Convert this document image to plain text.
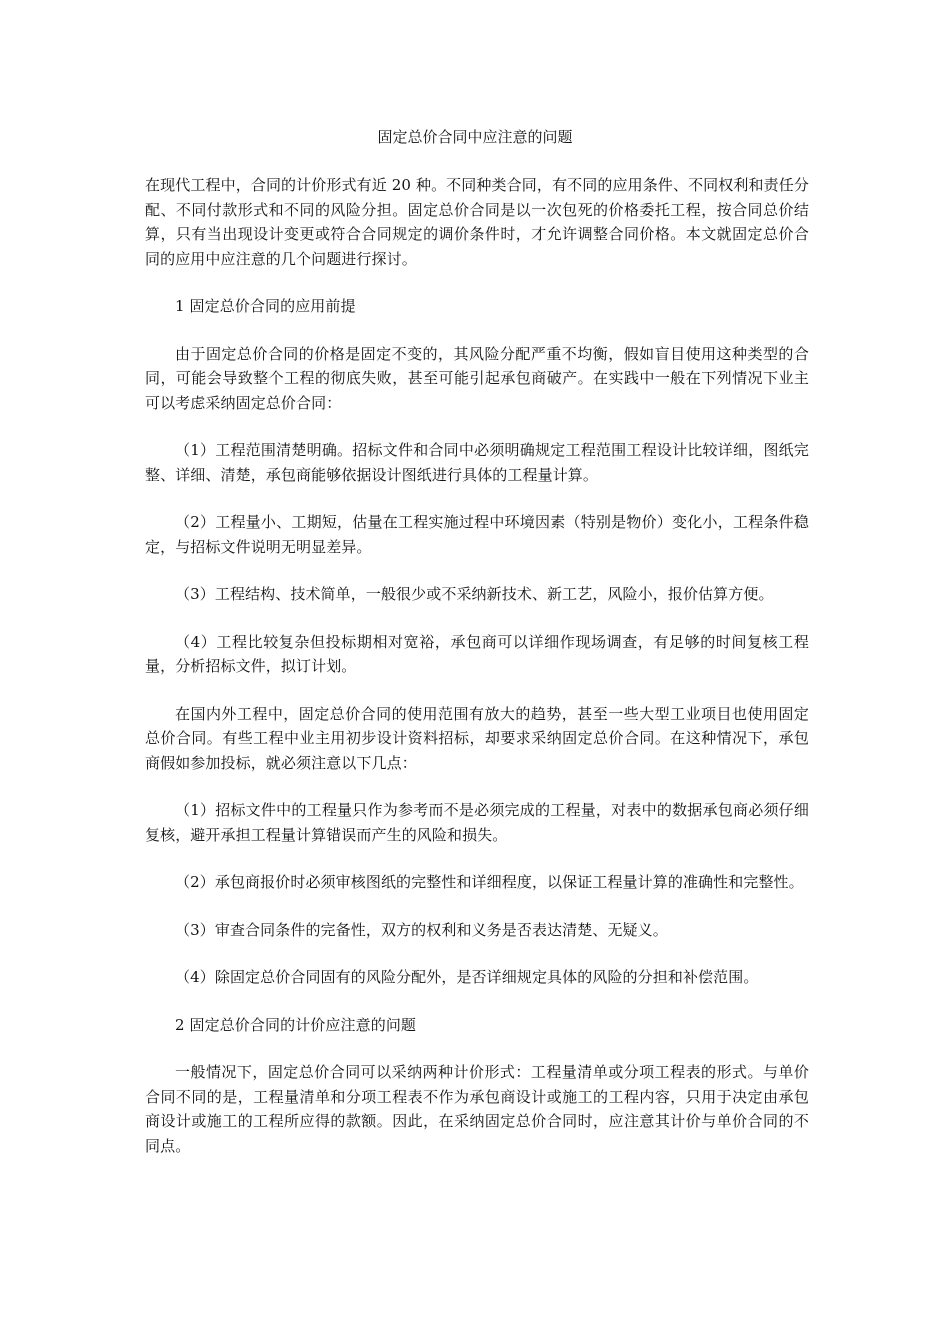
固定总价合同中应注意的问题

在现代工程中，合同的计价形式有近 20 种。不同种类合同，有不同的应用条件、不同权利和责任分配、不同付款形式和不同的风险分担。固定总价合同是以一次包死的价格委托工程，按合同总价结算，只有当出现设计变更或符合合同规定的调价条件时，才允许调整合同价格。本文就固定总价合同的应用中应注意的几个问题进行探讨。

1 固定总价合同的应用前提

由于固定总价合同的价格是固定不变的，其风险分配严重不均衡，假如盲目使用这种类型的合同，可能会导致整个工程的彻底失败，甚至可能引起承包商破产。在实践中一般在下列情况下业主可以考虑采纳固定总价合同：

（1）工程范围清楚明确。招标文件和合同中必须明确规定工程范围工程设计比较详细，图纸完整、详细、清楚，承包商能够依据设计图纸进行具体的工程量计算。

（2）工程量小、工期短，估量在工程实施过程中环境因素（特别是物价）变化小，工程条件稳定，与招标文件说明无明显差异。

（3）工程结构、技术简单，一般很少或不采纳新技术、新工艺，风险小，报价估算方便。

（4）工程比较复杂但投标期相对宽裕，承包商可以详细作现场调查，有足够的时间复核工程量，分析招标文件，拟订计划。

在国内外工程中，固定总价合同的使用范围有放大的趋势，甚至一些大型工业项目也使用固定总价合同。有些工程中业主用初步设计资料招标，却要求采纳固定总价合同。在这种情况下，承包商假如参加投标，就必须注意以下几点：

（1）招标文件中的工程量只作为参考而不是必须完成的工程量，对表中的数据承包商必须仔细复核，避开承担工程量计算错误而产生的风险和损失。

（2）承包商报价时必须审核图纸的完整性和详细程度，以保证工程量计算的准确性和完整性。

（3）审查合同条件的完备性，双方的权利和义务是否表达清楚、无疑义。

（4）除固定总价合同固有的风险分配外，是否详细规定具体的风险的分担和补偿范围。

2 固定总价合同的计价应注意的问题

一般情况下，固定总价合同可以采纳两种计价形式：工程量清单或分项工程表的形式。与单价合同不同的是，工程量清单和分项工程表不作为承包商设计或施工的工程内容，只用于决定由承包商设计或施工的工程所应得的款额。因此，在采纳固定总价合同时，应注意其计价与单价合同的不同点。
